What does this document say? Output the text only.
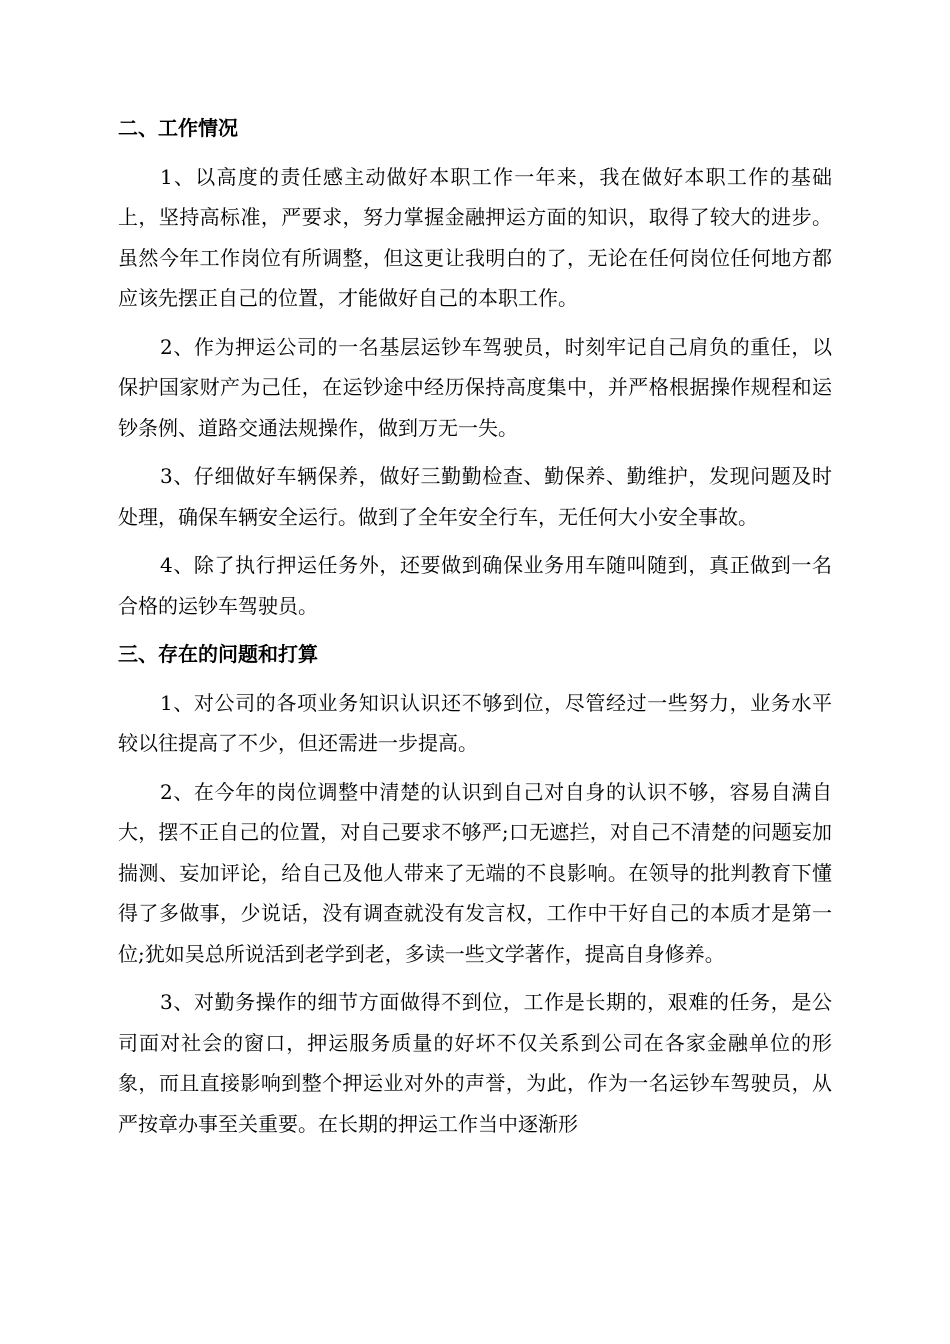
二、工作情况

1、以高度的责任感主动做好本职工作一年来，我在做好本职工作的基础上，坚持高标准，严要求，努力掌握金融押运方面的知识，取得了较大的进步。虽然今年工作岗位有所调整，但这更让我明白的了，无论在任何岗位任何地方都应该先摆正自己的位置，才能做好自己的本职工作。

2、作为押运公司的一名基层运钞车驾驶员，时刻牢记自己肩负的重任，以保护国家财产为己任，在运钞途中经历保持高度集中，并严格根据操作规程和运钞条例、道路交通法规操作，做到万无一失。

3、仔细做好车辆保养，做好三勤勤检查、勤保养、勤维护，发现问题及时处理，确保车辆安全运行。做到了全年安全行车，无任何大小安全事故。

4、除了执行押运任务外，还要做到确保业务用车随叫随到，真正做到一名合格的运钞车驾驶员。

三、存在的问题和打算

1、对公司的各项业务知识认识还不够到位，尽管经过一些努力，业务水平较以往提高了不少，但还需进一步提高。

2、在今年的岗位调整中清楚的认识到自己对自身的认识不够，容易自满自大，摆不正自己的位置，对自己要求不够严;口无遮拦，对自己不清楚的问题妄加揣测、妄加评论，给自己及他人带来了无端的不良影响。在领导的批判教育下懂得了多做事，少说话，没有调查就没有发言权，工作中干好自己的本质才是第一位;犹如吴总所说活到老学到老，多读一些文学著作，提高自身修养。

3、对勤务操作的细节方面做得不到位，工作是长期的，艰难的任务，是公司面对社会的窗口，押运服务质量的好坏不仅关系到公司在各家金融单位的形象，而且直接影响到整个押运业对外的声誉，为此，作为一名运钞车驾驶员，从严按章办事至关重要。在长期的押运工作当中逐渐形
